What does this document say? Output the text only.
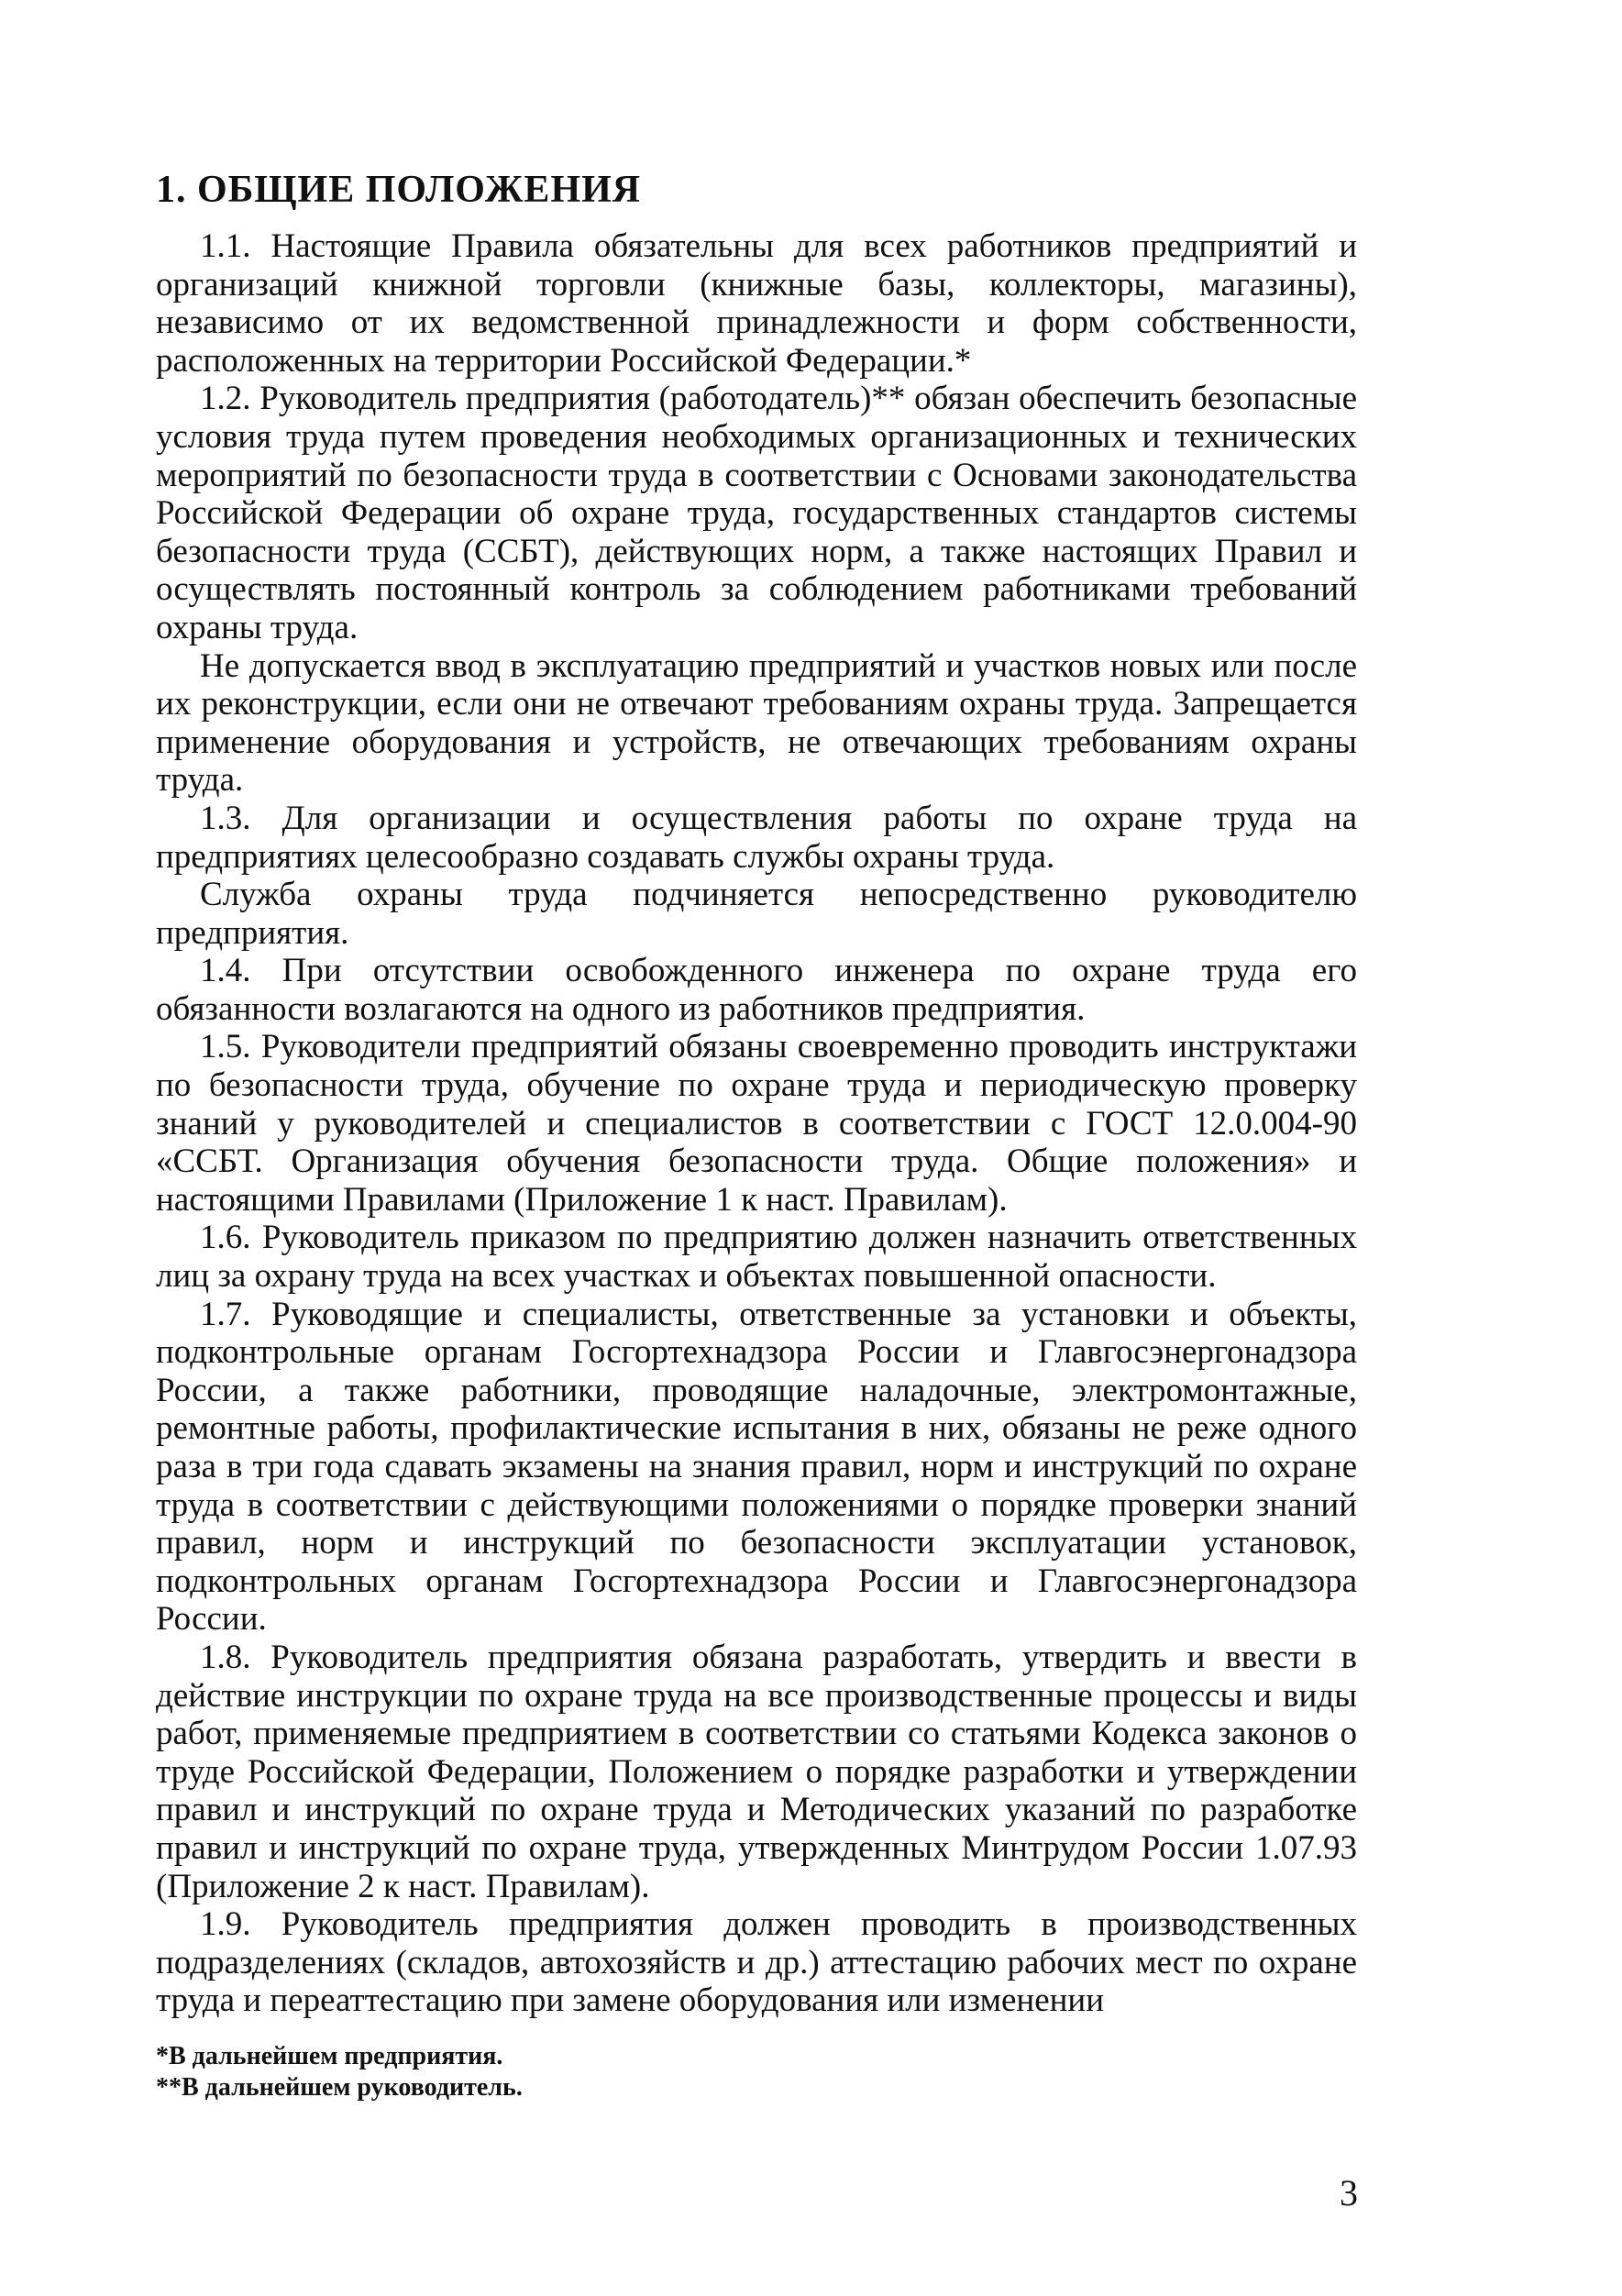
1. ОБЩИЕ ПОЛОЖЕНИЯ

1.1. Настоящие Правила обязательны для всех работников предприятий и организаций книжной торговли (книжные базы, коллекторы, магазины), независимо от их ведомственной принадлежности и форм собственности, расположенных на территории Российской Федерации.*

1.2. Руководитель предприятия (работодатель)** обязан обеспечить безопасные условия труда путем проведения необходимых организационных и технических мероприятий по безопасности труда в соответствии с Основами законодательства Российской Федерации об охране труда, государственных стандартов системы безопасности труда (ССБТ), действующих норм, а также настоящих Правил и осуществлять постоянный контроль за соблюдением работниками требований охраны труда.

Не допускается ввод в эксплуатацию предприятий и участков новых или после их реконструкции, если они не отвечают требованиям охраны труда. Запрещается применение оборудования и устройств, не отвечающих требованиям охраны труда.

1.3. Для организации и осуществления работы по охране труда на предприятиях целесообразно создавать службы охраны труда.

Служба охраны труда подчиняется непосредственно руководителю предприятия.

1.4. При отсутствии освобожденного инженера по охране труда его обязанности возлагаются на одного из работников предприятия.

1.5. Руководители предприятий обязаны своевременно проводить инструктажи по безопасности труда, обучение по охране труда и периодическую проверку знаний у руководителей и специалистов в соответствии с ГОСТ 12.0.004-90 «ССБТ. Организация обучения безопасности труда. Общие положения» и настоящими Правилами (Приложение 1 к наст. Правилам).

1.6. Руководитель приказом по предприятию должен назначить ответственных лиц за охрану труда на всех участках и объектах повышенной опасности.

1.7. Руководящие и специалисты, ответственные за установки и объекты, подконтрольные органам Госгортехнадзора России и Главгосэнергонадзора России, а также работники, проводящие наладочные, электромонтажные, ремонтные работы, профилактические испытания в них, обязаны не реже одного раза в три года сдавать экзамены на знания правил, норм и инструкций по охране труда в соответствии с действующими положениями о порядке проверки знаний правил, норм и инструкций по безопасности эксплуатации установок, подконтрольных органам Госгортехнадзора России и Главгосэнергонадзора России.

1.8. Руководитель предприятия обязана разработать, утвердить и ввести в действие инструкции по охране труда на все производственные процессы и виды работ, применяемые предприятием в соответствии со статьями Кодекса законов о труде Российской Федерации, Положением о порядке разработки и утверждении правил и инструкций по охране труда и Методических указаний по разработке правил и инструкций по охране труда, утвержденных Минтрудом России 1.07.93 (Приложение 2 к наст. Правилам).

1.9. Руководитель предприятия должен проводить в производственных подразделениях (складов, автохозяйств и др.) аттестацию рабочих мест по охране труда и переаттестацию при замене оборудования или изменении

*В дальнейшем предприятия.

**В дальнейшем руководитель.

3
